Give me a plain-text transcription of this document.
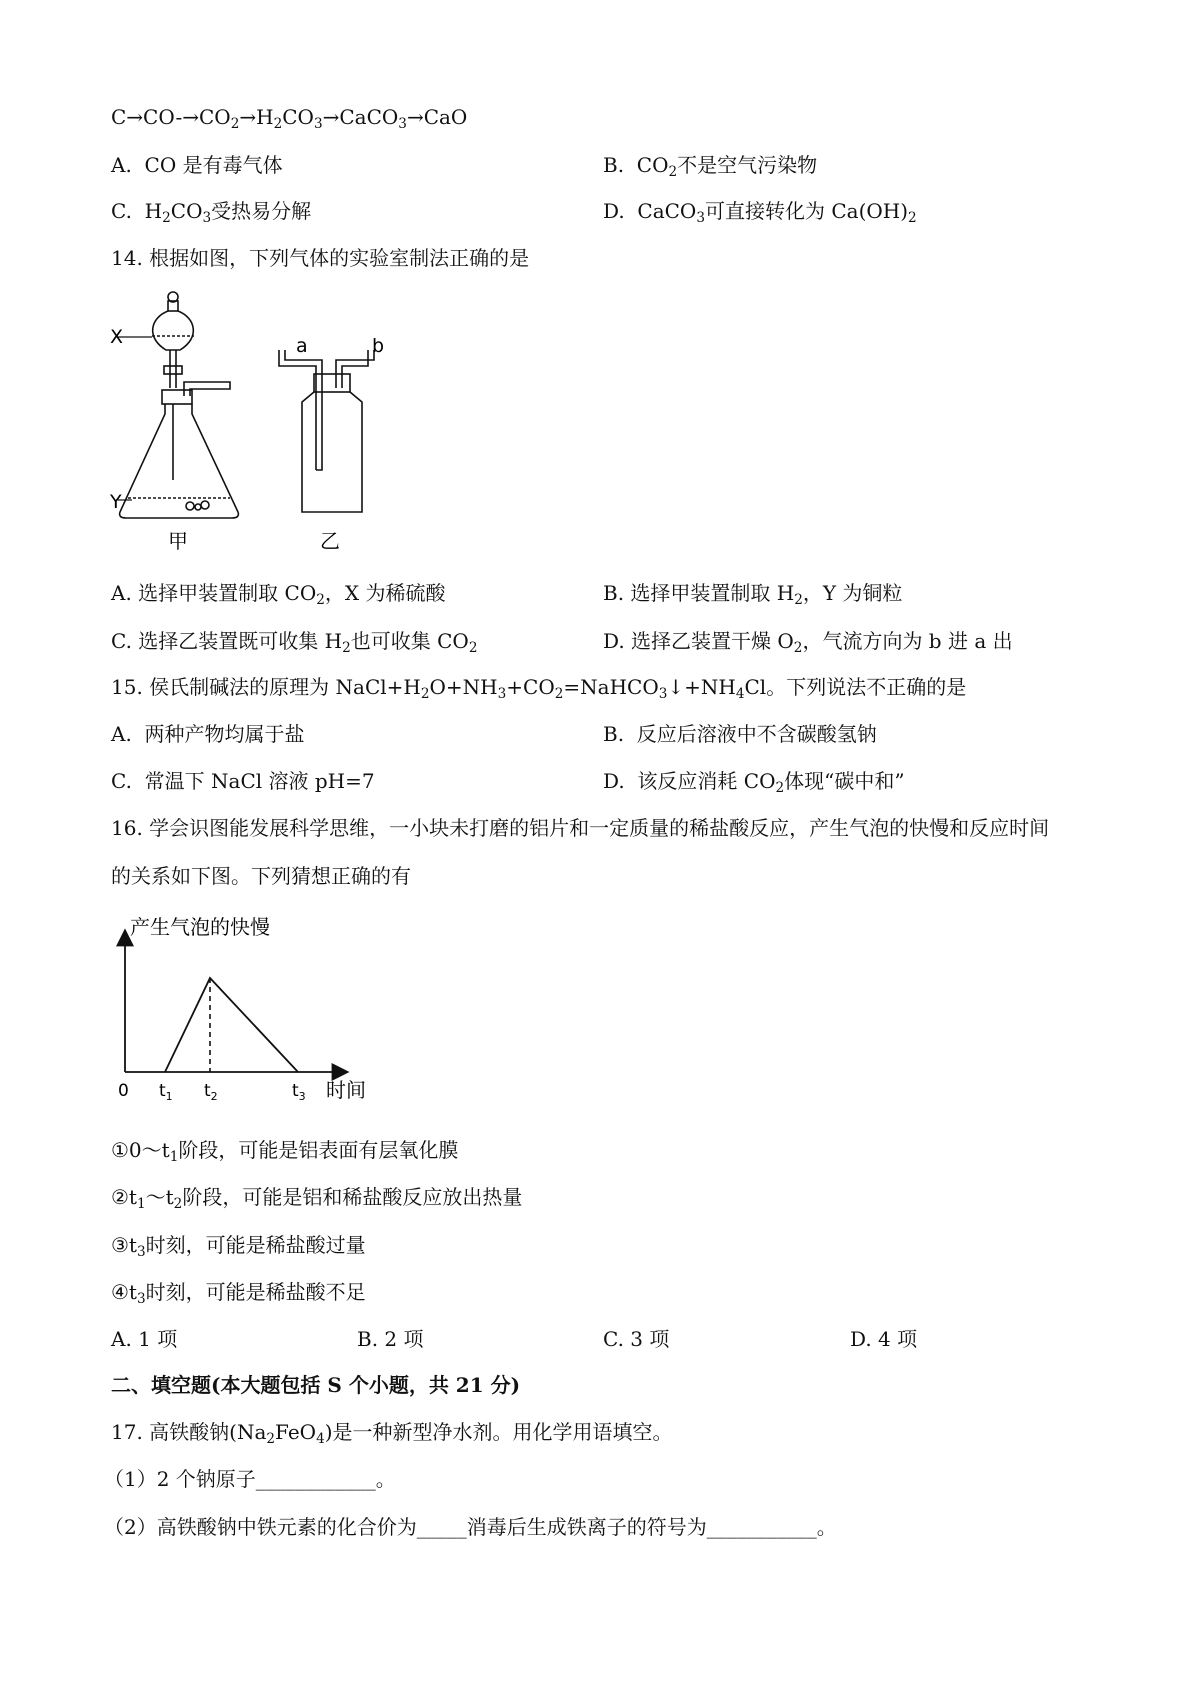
$C\to CO-\to CO_2\to H_2CO_3\to CaCO_3\to CaO$
A. CO 是有毒气体	B. $CO_2$不是空气污染物
C. $H_2CO_3$受热易分解	D. CaCO$_3$可直接转化为 $Ca(OH)_2$
14. 根据如图，下列气体的实验室制法正确的是
X
Y
甲
a	b
乙
A. 选择甲装置制取 $CO_2$，X 为稀硫酸	B. 选择甲装置制取 $H_2$，Y 为铜粒
C. 选择乙装置既可收集 $H_2$也可收集 $CO_2$	D. 选择乙装置干燥 $O_2$，气流方向为 b 进 a 出
15. 侯氏制碱法的原理为 $NaCl+H_2O+NH_3+CO_2=NaHCO_3↓+NH_4Cl$。下列说法不正确的是
A. 两种产物均属于盐	B. 反应后溶液中不含碳酸氢钠
C. 常温下 NaCl 溶液 pH=7	D. 该反应消耗 $CO_2$体现“碳中和”
16. 学会识图能发展科学思维，一小块未打磨的铝片和一定质量的稀盐酸反应，产生气泡的快慢和反应时间
的关系如下图。下列猜想正确的有
产生气泡的快慢
时间
0 $t_1$ $t_2$	$t_3$
$①0\sim t_1$阶段，可能是铝表面有层氧化膜
$②t_1\sim t_2$阶段，可能是铝和稀盐酸反应放出热量
$③t_3$时刻，可能是稀盐酸过量
$④t_3$时刻，可能是稀盐酸不足
A. 1 项	B. 2 项	C. 3 项	D. 4 项
二、填空题(本大题包括 S 个小题，共 21 分)
17. 高铁酸钠$(Na_2FeO_4)$是一种新型净水剂。用化学用语填空。
（1）2 个钠原子____________。
（2）高铁酸钠中铁元素的化合价为_____消毒后生成铁离子的符号为___________。
